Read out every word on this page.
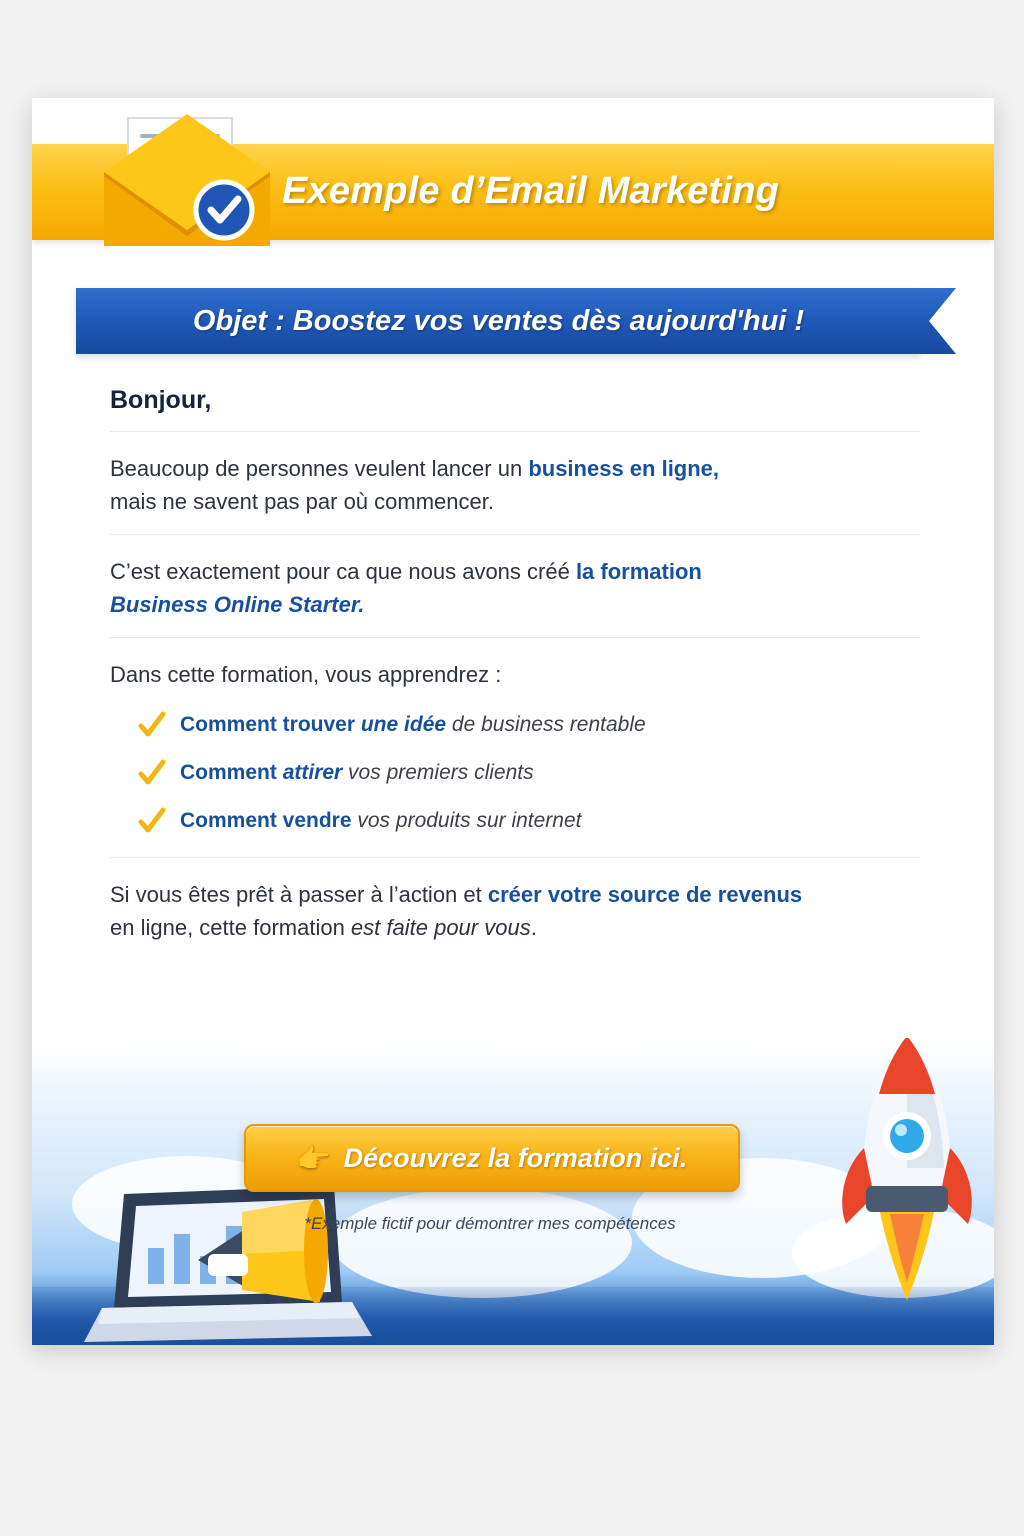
Exemple d’Email Marketing
Objet : Boostez vos ventes dès aujourd'hui !
Bonjour,

Beaucoup de personnes veulent lancer un business en ligne,
mais ne savent pas par où commencer.

C’est exactement pour ca que nous avons créé la formation
Business Online Starter.

Dans cette formation, vous apprendrez :

Comment trouver une idée de business rentable
Comment attirer vos premiers clients
Comment vendre vos produits sur internet

Si vous êtes prêt à passer à l’action et créer votre source de revenus
en ligne, cette formation est faite pour vous.

👉 Découvrez la formation ici.
*Exemple fictif pour démontrer mes compétences
